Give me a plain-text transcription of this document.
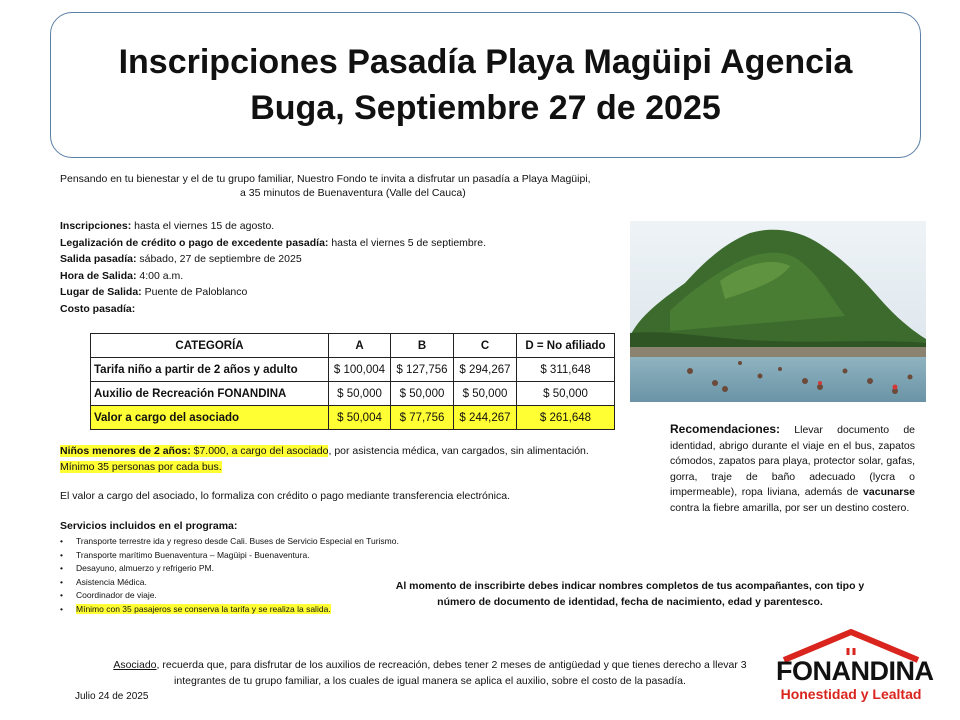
Inscripciones Pasadía Playa Magüipi Agencia
Buga, Septiembre 27 de 2025
Pensando en tu bienestar y el de tu grupo familiar, Nuestro Fondo te invita a disfrutar un pasadía a Playa Magüipi,
a 35 minutos de Buenaventura (Valle del Cauca)
Inscripciones: hasta el viernes 15 de agosto.
Legalización de crédito o pago de excedente pasadía: hasta el viernes 5 de septiembre.
Salida pasadía: sábado, 27 de septiembre de 2025
Hora de Salida: 4:00 a.m.
Lugar de Salida: Puente de Paloblanco
Costo pasadía:
CATEGORÍA	A	B	C	D = No afiliado
Tarifa niño a partir de 2 años y adulto	$ 100,004	$ 127,756	$ 294,267	$ 311,648
Auxilio de Recreación FONANDINA	$ 50,000	$ 50,000	$ 50,000	$ 50,000
Valor a cargo del asociado	$ 50,004	$ 77,756	$ 244,267	$ 261,648
Niños menores de 2 años: $7.000, a cargo del asociado, por asistencia médica, van cargados, sin alimentación.
Mínimo 35 personas por cada bus.
El valor a cargo del asociado, lo formaliza con crédito o pago mediante transferencia electrónica.
Servicios incluidos en el programa:
• Transporte terrestre ida y regreso desde Cali. Buses de Servicio Especial en Turismo.
• Transporte marítimo Buenaventura – Magüipi - Buenaventura.
• Desayuno, almuerzo y refrigerio PM.
• Asistencia Médica.
• Coordinador de viaje.
• Mínimo con 35 pasajeros se conserva la tarifa y se realiza la salida.
Recomendaciones: Llevar documento de identidad, abrigo durante el viaje en el bus, zapatos cómodos, zapatos para playa, protector solar, gafas, gorra, traje de baño adecuado (lycra o impermeable), ropa liviana, además de vacunarse contra la fiebre amarilla, por ser un destino costero.
Al momento de inscribirte debes indicar nombres completos de tus acompañantes, con tipo y número de documento de identidad, fecha de nacimiento, edad y parentesco.
Asociado, recuerda que, para disfrutar de los auxilios de recreación, debes tener 2 meses de antigüedad y que tienes derecho a llevar 3 integrantes de tu grupo familiar, a los cuales de igual manera se aplica el auxilio, sobre el costo de la pasadía.
Julio 24 de 2025
FONANDINA
Honestidad y Lealtad
